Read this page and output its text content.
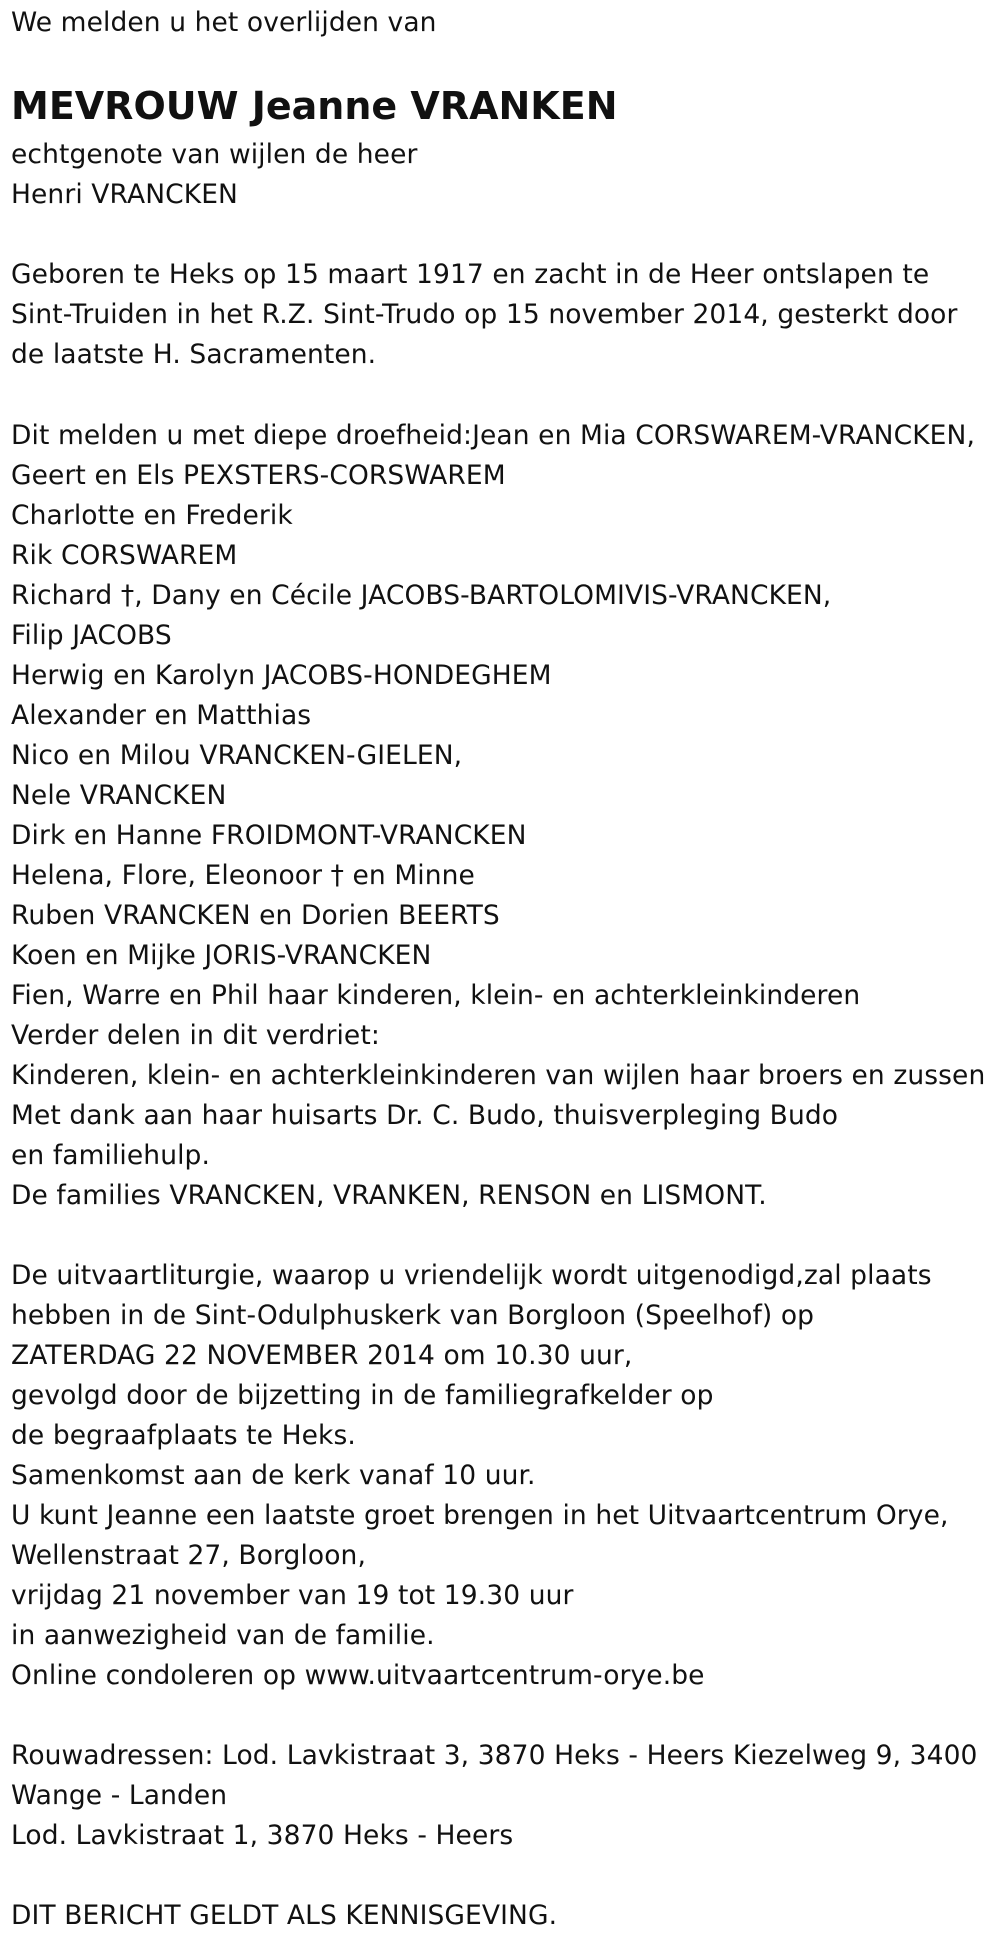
We melden u het overlijden van
MEVROUW Jeanne VRANKEN
echtgenote van wijlen de heer
Henri VRANCKEN
Geboren te Heks op 15 maart 1917 en zacht in de Heer ontslapen te
Sint-Truiden in het R.Z. Sint-Trudo op 15 november 2014, gesterkt door
de laatste H. Sacramenten.
Dit melden u met diepe droefheid:Jean en Mia CORSWAREM-VRANCKEN,
Geert en Els PEXSTERS-CORSWAREM
Charlotte en Frederik
Rik CORSWAREM
Richard †, Dany en Cécile JACOBS-BARTOLOMIVIS-VRANCKEN,
Filip JACOBS
Herwig en Karolyn JACOBS-HONDEGHEM
Alexander en Matthias
Nico en Milou VRANCKEN-GIELEN,
Nele VRANCKEN
Dirk en Hanne FROIDMONT-VRANCKEN
Helena, Flore, Eleonoor † en Minne
Ruben VRANCKEN en Dorien BEERTS
Koen en Mijke JORIS-VRANCKEN
Fien, Warre en Phil haar kinderen, klein- en achterkleinkinderen
Verder delen in dit verdriet:
Kinderen, klein- en achterkleinkinderen van wijlen haar broers en zussen
Met dank aan haar huisarts Dr. C. Budo, thuisverpleging Budo
en familiehulp.
De families VRANCKEN, VRANKEN, RENSON en LISMONT.
De uitvaartliturgie, waarop u vriendelijk wordt uitgenodigd,zal plaats
hebben in de Sint-Odulphuskerk van Borgloon (Speelhof) op
ZATERDAG 22 NOVEMBER 2014 om 10.30 uur,
gevolgd door de bijzetting in de familiegrafkelder op
de begraafplaats te Heks.
Samenkomst aan de kerk vanaf 10 uur.
U kunt Jeanne een laatste groet brengen in het Uitvaartcentrum Orye,
Wellenstraat 27, Borgloon,
vrijdag 21 november van 19 tot 19.30 uur
in aanwezigheid van de familie.
Online condoleren op www.uitvaartcentrum-orye.be
Rouwadressen: Lod. Lavkistraat 3, 3870 Heks - Heers Kiezelweg 9, 3400
Wange - Landen
Lod. Lavkistraat 1, 3870 Heks - Heers
DIT BERICHT GELDT ALS KENNISGEVING.
